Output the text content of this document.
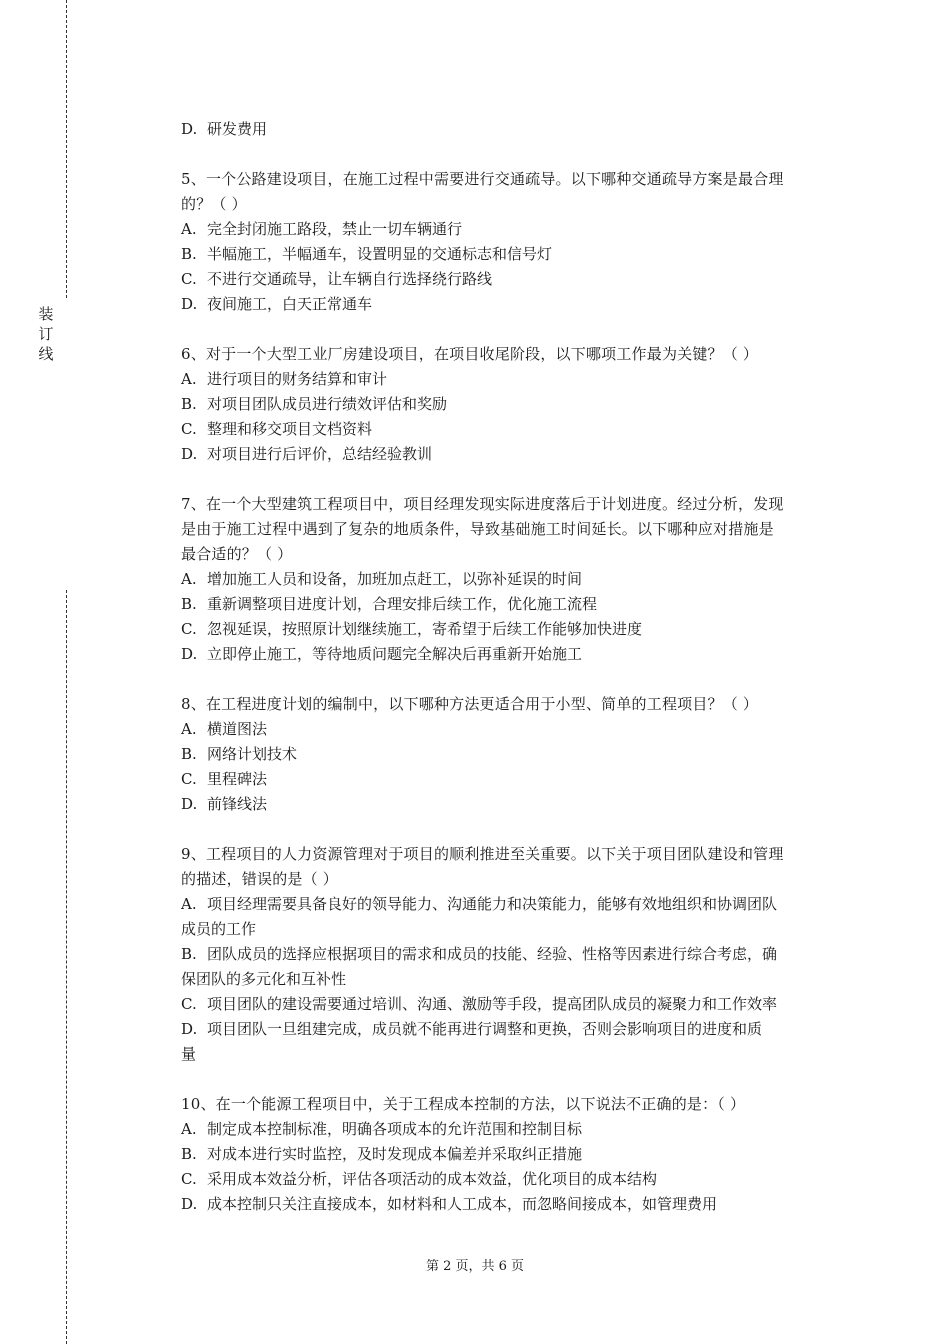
装
订
线
D. 研发费用
5、一个公路建设项目，在施工过程中需要进行交通疏导。以下哪种交通疏导方案是最合理
的？（ ）
A. 完全封闭施工路段，禁止一切车辆通行
B. 半幅施工，半幅通车，设置明显的交通标志和信号灯
C. 不进行交通疏导，让车辆自行选择绕行路线
D. 夜间施工，白天正常通车
6、对于一个大型工业厂房建设项目，在项目收尾阶段，以下哪项工作最为关键？（ ）
A. 进行项目的财务结算和审计
B. 对项目团队成员进行绩效评估和奖励
C. 整理和移交项目文档资料
D. 对项目进行后评价，总结经验教训
7、在一个大型建筑工程项目中，项目经理发现实际进度落后于计划进度。经过分析，发现
是由于施工过程中遇到了复杂的地质条件，导致基础施工时间延长。以下哪种应对措施是
最合适的？（ ）
A. 增加施工人员和设备，加班加点赶工，以弥补延误的时间
B. 重新调整项目进度计划，合理安排后续工作，优化施工流程
C. 忽视延误，按照原计划继续施工，寄希望于后续工作能够加快进度
D. 立即停止施工，等待地质问题完全解决后再重新开始施工
8、在工程进度计划的编制中，以下哪种方法更适合用于小型、简单的工程项目？（ ）
A. 横道图法
B. 网络计划技术
C. 里程碑法
D. 前锋线法
9、工程项目的人力资源管理对于项目的顺利推进至关重要。以下关于项目团队建设和管理
的描述，错误的是（ ）
A. 项目经理需要具备良好的领导能力、沟通能力和决策能力，能够有效地组织和协调团队
成员的工作
B. 团队成员的选择应根据项目的需求和成员的技能、经验、性格等因素进行综合考虑，确
保团队的多元化和互补性
C. 项目团队的建设需要通过培训、沟通、激励等手段，提高团队成员的凝聚力和工作效率
D. 项目团队一旦组建完成，成员就不能再进行调整和更换，否则会影响项目的进度和质
量
10、在一个能源工程项目中，关于工程成本控制的方法，以下说法不正确的是：（ ）
A. 制定成本控制标准，明确各项成本的允许范围和控制目标
B. 对成本进行实时监控，及时发现成本偏差并采取纠正措施
C. 采用成本效益分析，评估各项活动的成本效益，优化项目的成本结构
D. 成本控制只关注直接成本，如材料和人工成本，而忽略间接成本，如管理费用
第 2 页，共 6 页
